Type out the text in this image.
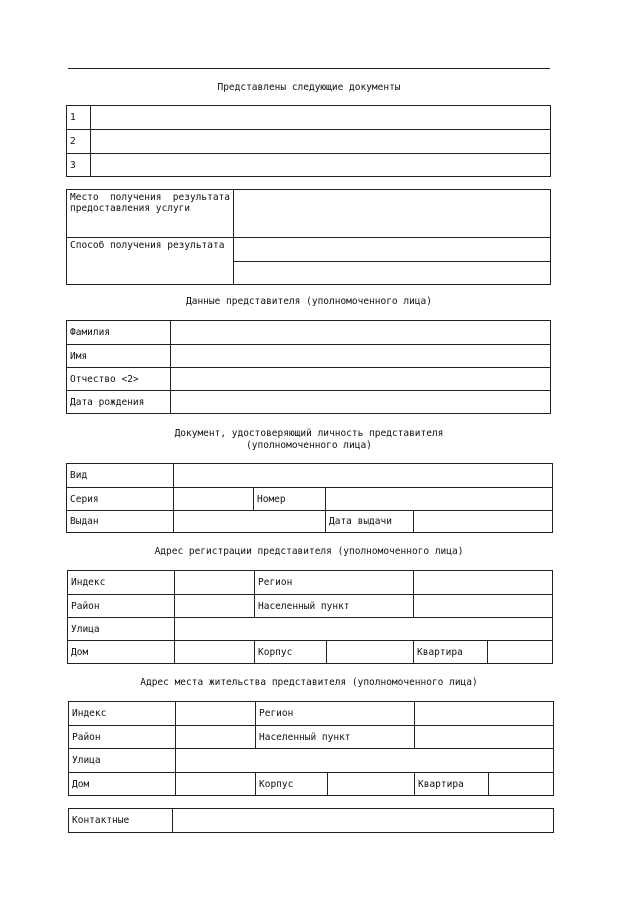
Представлены следующие документы
1
2
3
Место получения результата предоставления услуги
Способ получения результата
Данные представителя (уполномоченного лица)
Фамилия
Имя
Отчество <2>
Дата рождения
Документ, удостоверяющий личность представителя
(уполномоченного лица)
Вид
Серия	Номер
Выдан	Дата выдачи
Адрес регистрации представителя (уполномоченного лица)
Индекс	Регион
Район	Населенный пункт
Улица
Дом	Корпус	Квартира
Адрес места жительства представителя (уполномоченного лица)
Индекс	Регион
Район	Населенный пункт
Улица
Дом	Корпус	Квартира
Контактные
